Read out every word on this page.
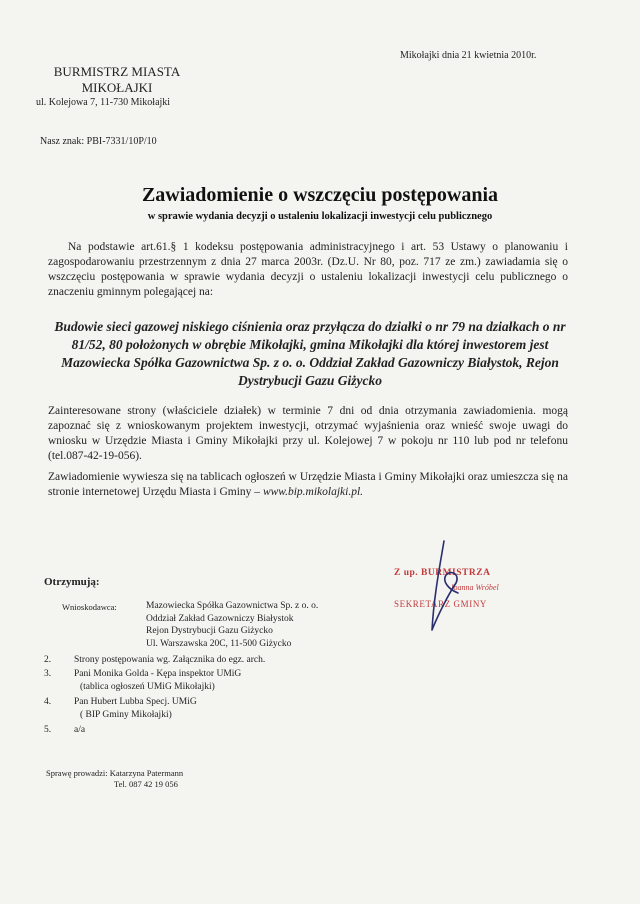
Mikołajki dnia 21 kwietnia 2010r.
BURMISTRZ MIASTA
MIKOŁAJKI
ul. Kolejowa 7, 11-730 Mikołajki
Nasz znak: PBI-7331/10P/10
Zawiadomienie o wszczęciu postępowania
w sprawie wydania decyzji o ustaleniu lokalizacji inwestycji celu publicznego
Na podstawie art.61.§ 1 kodeksu postępowania administracyjnego i art. 53 Ustawy o planowaniu i zagospodarowaniu przestrzennym z dnia 27 marca 2003r. (Dz.U. Nr 80, poz. 717 ze zm.) zawiadamia się o wszczęciu postępowania w sprawie wydania decyzji o ustaleniu lokalizacji inwestycji celu publicznego o znaczeniu gminnym polegającej na:
Budowie sieci gazowej niskiego ciśnienia oraz przyłącza do działki o nr 79 na działkach o nr 81/52, 80 położonych w obrębie Mikołajki, gmina Mikołajki dla której inwestorem jest Mazowiecka Spółka Gazownictwa Sp. z o. o. Oddział Zakład Gazowniczy Białystok, Rejon Dystrybucji Gazu Giżycko
Zainteresowane strony (właściciele działek) w terminie 7 dni od dnia otrzymania zawiadomienia. mogą zapoznać się z wnioskowanym projektem inwestycji, otrzymać wyjaśnienia oraz wnieść swoje uwagi do wniosku w Urzędzie Miasta i Gminy Mikołajki przy ul. Kolejowej 7 w pokoju nr 110 lub pod nr telefonu (tel.087-42-19-056).
Zawiadomienie wywiesza się na tablicach ogłoszeń w Urzędzie Miasta i Gminy Mikołajki oraz umieszcza się na stronie internetowej Urzędu Miasta i Gminy – www.bip.mikolajki.pl.
Otrzymują:
Wnioskodawca:	Mazowiecka Spółka Gazownictwa Sp. z o. o.
Oddział Zakład Gazowniczy Białystok
Rejon Dystrybucji Gazu Giżycko
Ul. Warszawska 20C, 11-500 Giżycko
2. Strony postępowania wg. Załącznika do egz. arch.
3. Pani Monika Golda - Kępa inspektor UMiG
(tablica ogłoszeń UMiG Mikołajki)
4. Pan Hubert Lubba Specj. UMiG
( BIP Gminy Mikołajki)
5. a/a
Sprawę prowadzi: Katarzyna Patermann
Tel. 087 42 19 056
Z up. BURMISTRZA
Joanna Wróbel
SEKRETARZ GMINY
